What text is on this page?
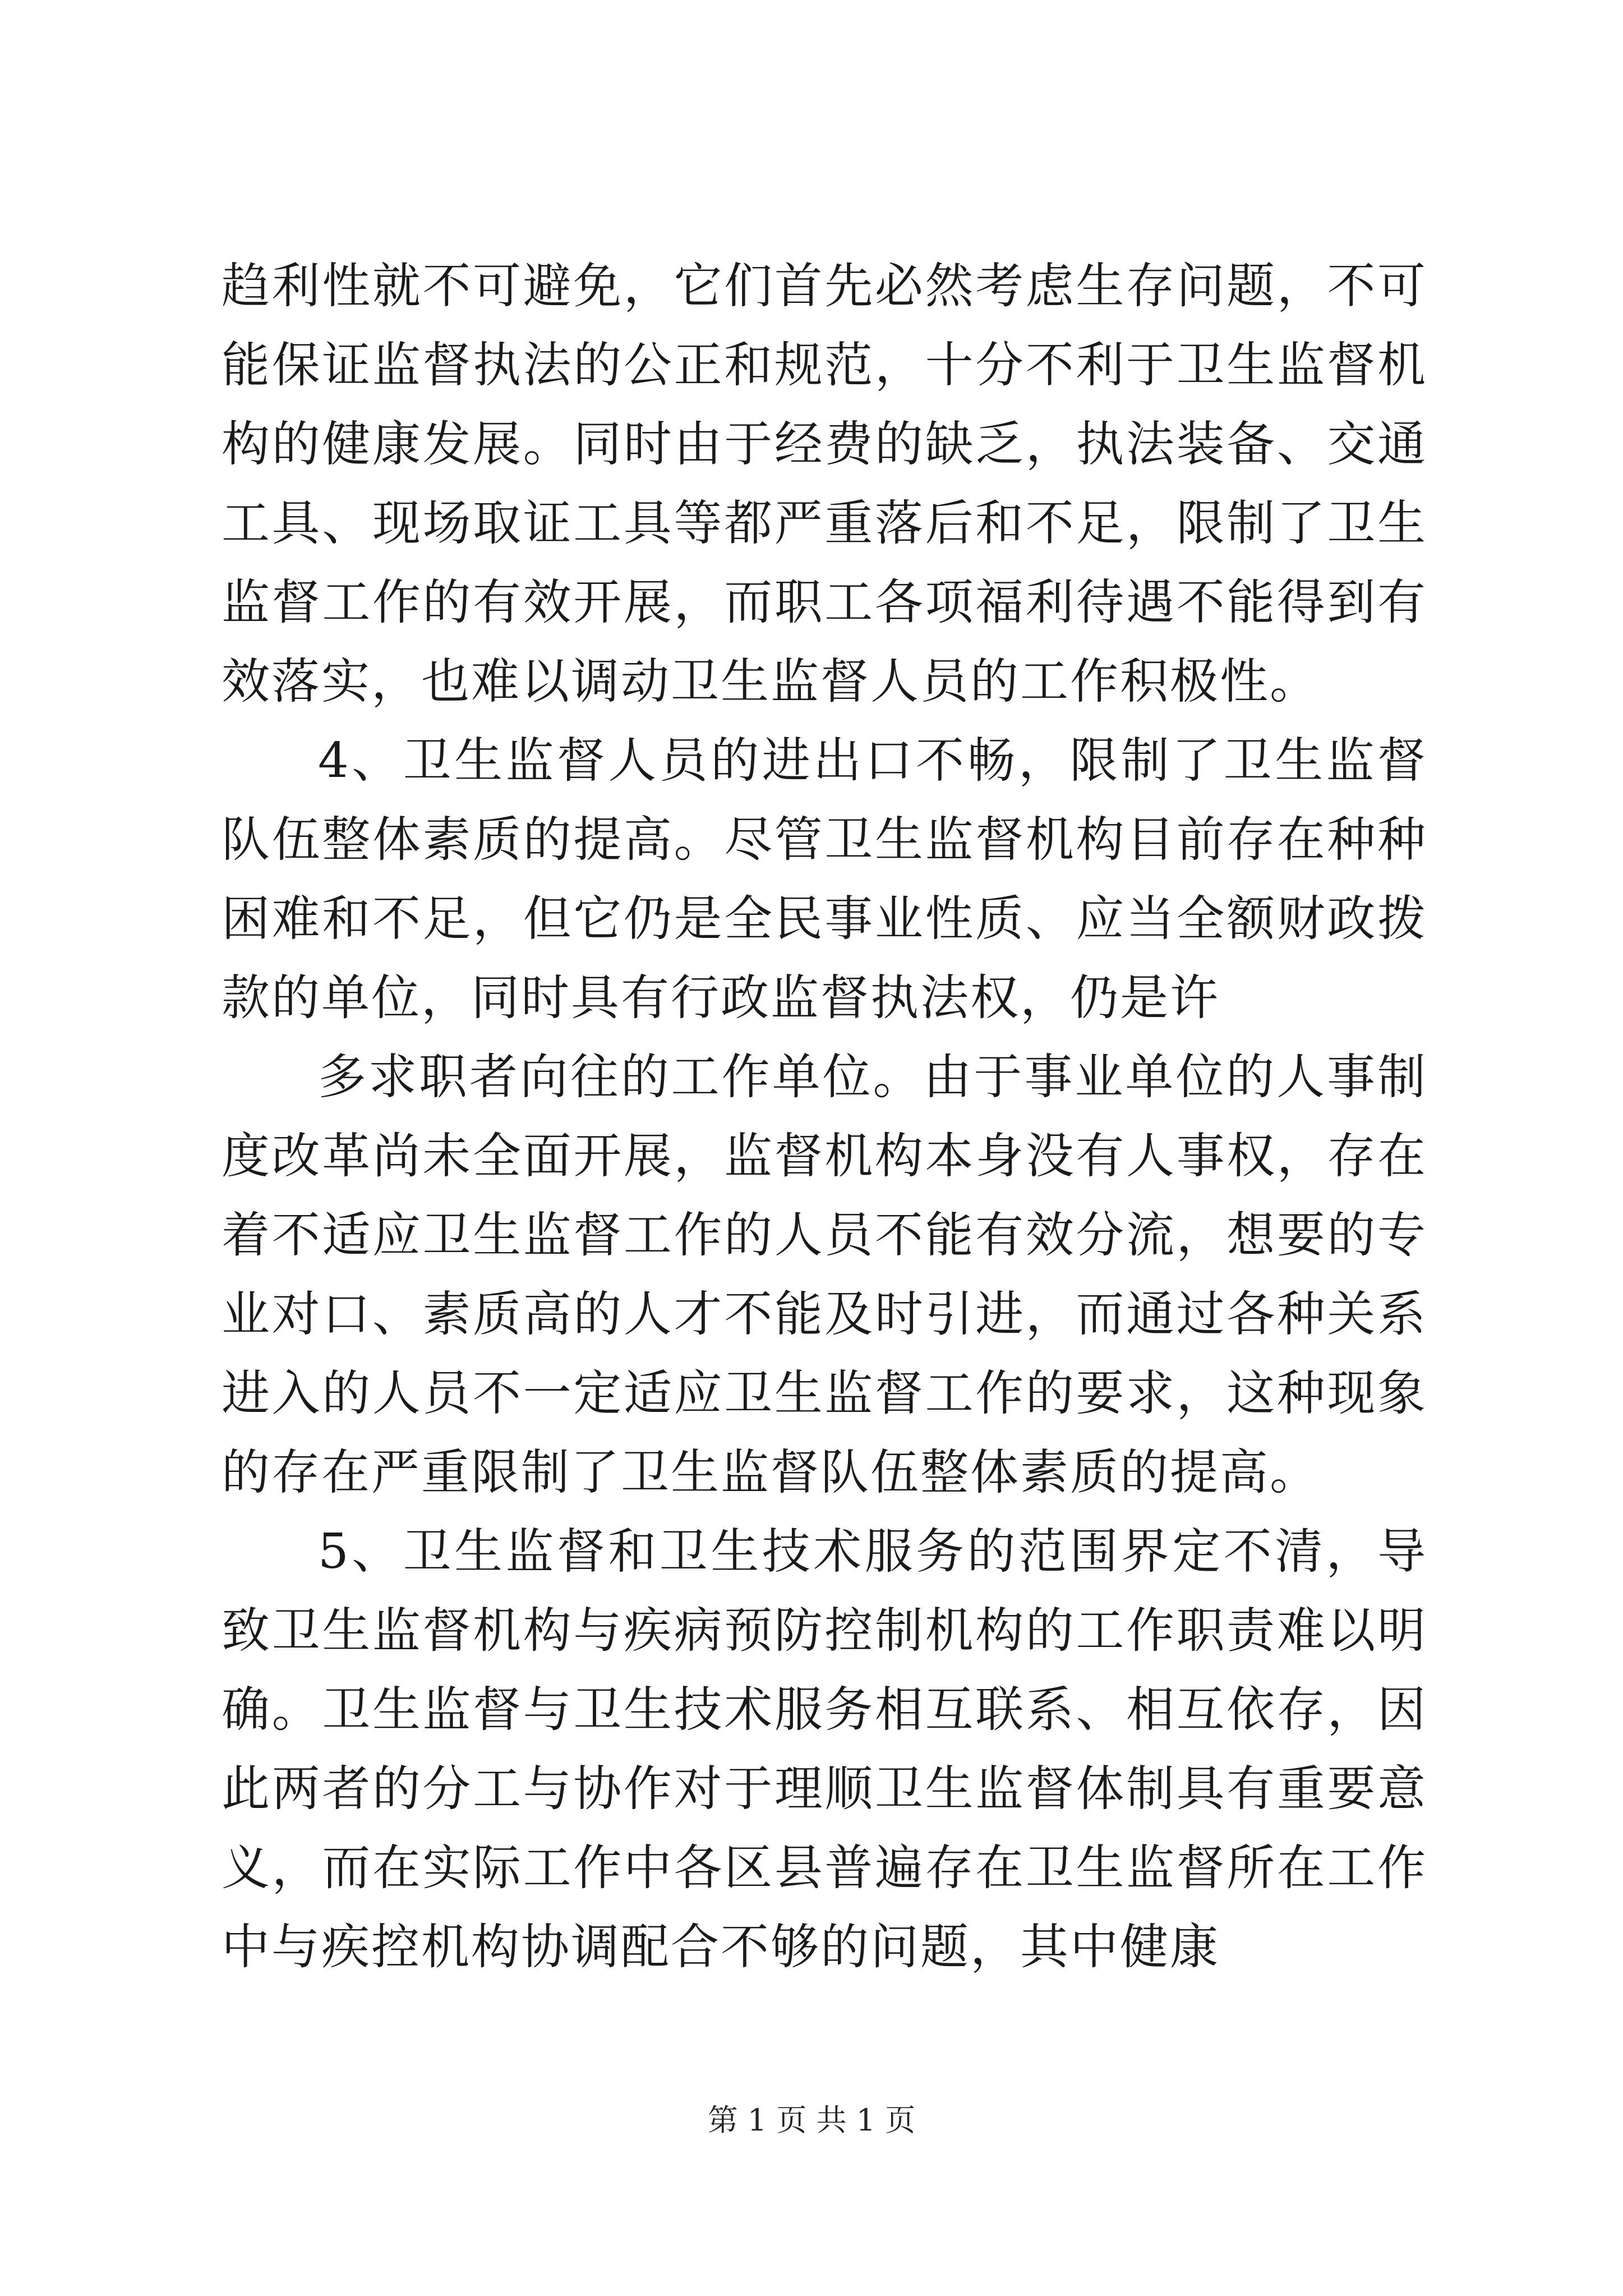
趋利性就不可避免，它们首先必然考虑生存问题，不可能保证监督执法的公正和规范，十分不利于卫生监督机构的健康发展。同时由于经费的缺乏，执法装备、交通工具、现场取证工具等都严重落后和不足，限制了卫生监督工作的有效开展，而职工各项福利待遇不能得到有效落实，也难以调动卫生监督人员的工作积极性。

4、卫生监督人员的进出口不畅，限制了卫生监督队伍整体素质的提高。尽管卫生监督机构目前存在种种困难和不足，但它仍是全民事业性质、应当全额财政拨款的单位，同时具有行政监督执法权，仍是许

多求职者向往的工作单位。由于事业单位的人事制度改革尚未全面开展，监督机构本身没有人事权，存在着不适应卫生监督工作的人员不能有效分流，想要的专业对口、素质高的人才不能及时引进，而通过各种关系进入的人员不一定适应卫生监督工作的要求，这种现象的存在严重限制了卫生监督队伍整体素质的提高。

5、卫生监督和卫生技术服务的范围界定不清，导致卫生监督机构与疾病预防控制机构的工作职责难以明确。卫生监督与卫生技术服务相互联系、相互依存，因此两者的分工与协作对于理顺卫生监督体制具有重要意义，而在实际工作中各区县普遍存在卫生监督所在工作中与疾控机构协调配合不够的问题，其中健康

第 1 页 共 1 页
